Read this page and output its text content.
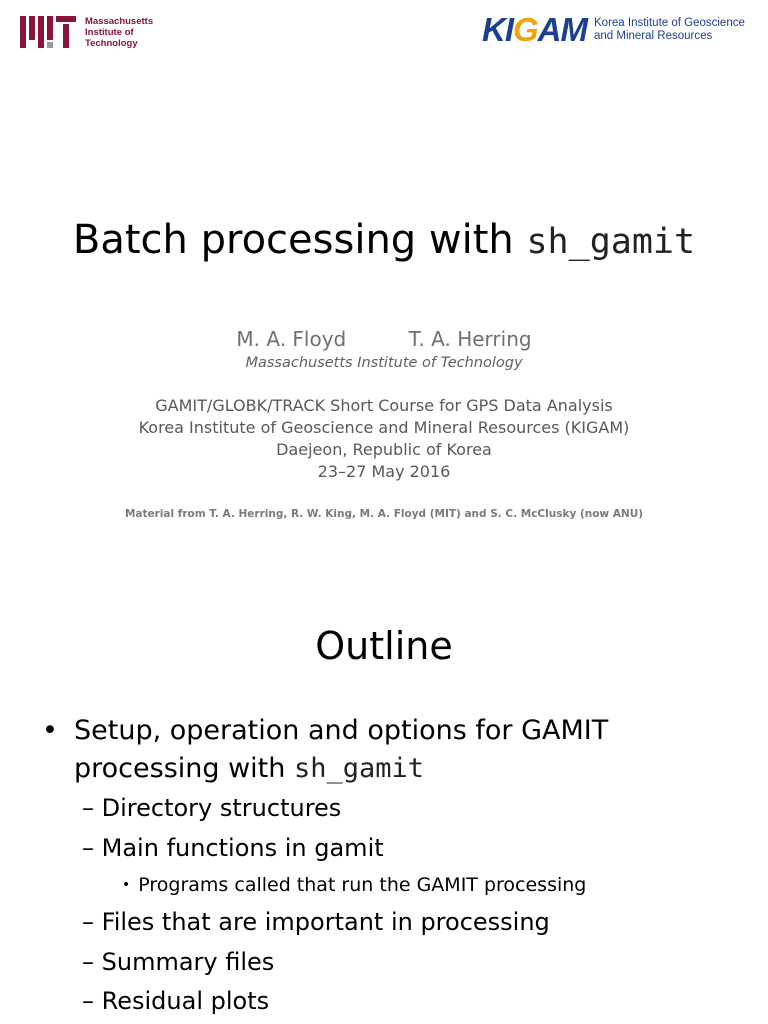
Massachusetts
Institute of
Technology	KIGAM Korea Institute of Geoscience
and Mineral Resources
Batch processing with sh_gamit
M. A. Floyd	T. A. Herring
Massachusetts Institute of Technology
GAMIT/GLOBK/TRACK Short Course for GPS Data Analysis
Korea Institute of Geoscience and Mineral Resources (KIGAM)
Daejeon, Republic of Korea
23–27 May 2016
Material from T. A. Herring, R. W. King, M. A. Floyd (MIT) and S. C. McClusky (now ANU)
Outline
• Setup, operation and options for GAMIT processing with sh_gamit
– Directory structures
– Main functions in gamit
• Programs called that run the GAMIT processing
– Files that are important in processing
– Summary files
– Residual plots
